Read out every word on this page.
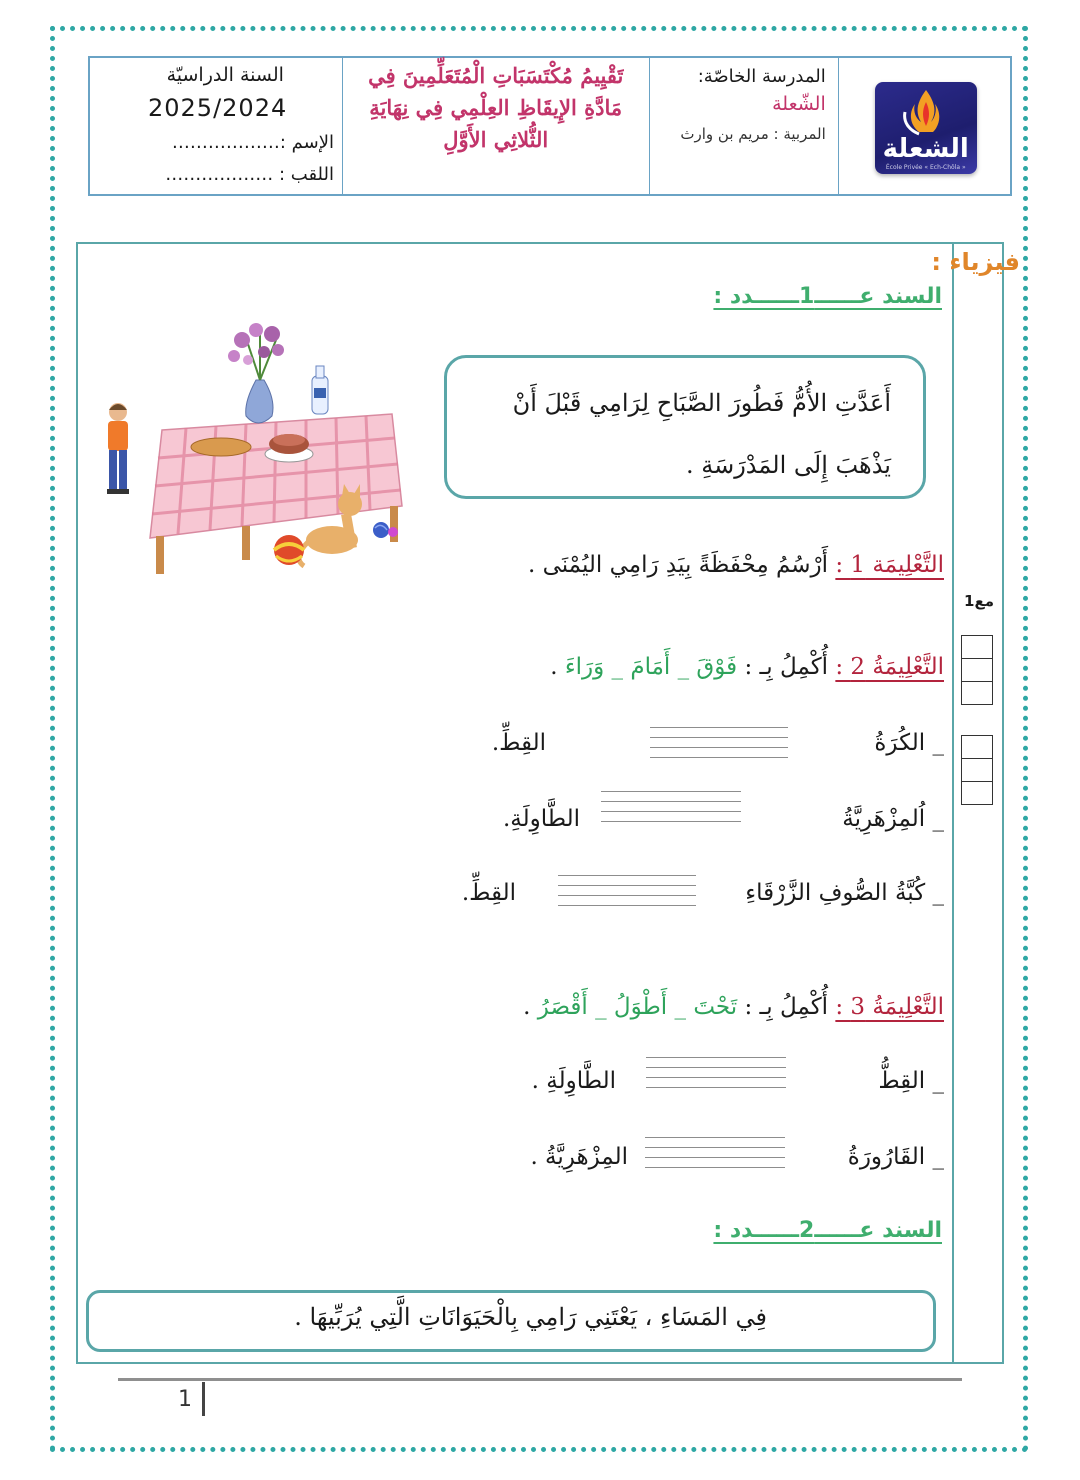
السنة الدراسيّة
2025/2024
الإسم :………………
اللقب : ………………
تَقْيِيمُ مُكْتَسَبَاتِ الْمُتَعَلِّمِينَ فِي
مَادَّةِ الإِيقَاظِ العِلْمِي فِي نِهَايَةِ
الثُّلاثِي الأَوَّلِ
المدرسة الخاصّة:
الشّعلة
المربية : مريم بن وارث	الشعلة
École Privée « Ech-Chôla »
مع1
فيزياء :
السند عــــــ1ــــــدد :
أَعَدَّتِ الأُمُّ فَطُورَ الصَّبَاحِ لِرَامِي قَبْلَ أَنْ
يَذْهَبَ إِلَى المَدْرَسَةِ .
التَّعْلِيمَة 1 : أَرْسُمُ مِحْفَظَةً بِيَدِ رَامِي اليُمْنَى .
التَّعْلِيمَةُ 2 : أُكْمِلُ بِـ : فَوْقَ _ أَمَامَ _ وَرَاءَ .
_ الكُرَةُ
القِطِّ.
_ اُلمِزْهَرِيَّةُ
الطَّاوِلَةِ.
_ كُبَّةُ الصُّوفِ الزَّرْقَاءِ
القِطِّ.
التَّعْلِيمَةُ 3 : أُكْمِلُ بِـ : تَحْتَ _ أَطْوَلُ _ أَقْصَرُ .
_ القِطُّ
الطَّاوِلَةِ .
_ القَارُورَةُ
المِزْهَرِيَّةُ .
السند عــــــ2ــــــدد :
فِي المَسَاءِ ، يَعْتَنِي رَامِي بِالْحَيَوَانَاتِ الَّتِي يُرَبِّيهَا .
1
